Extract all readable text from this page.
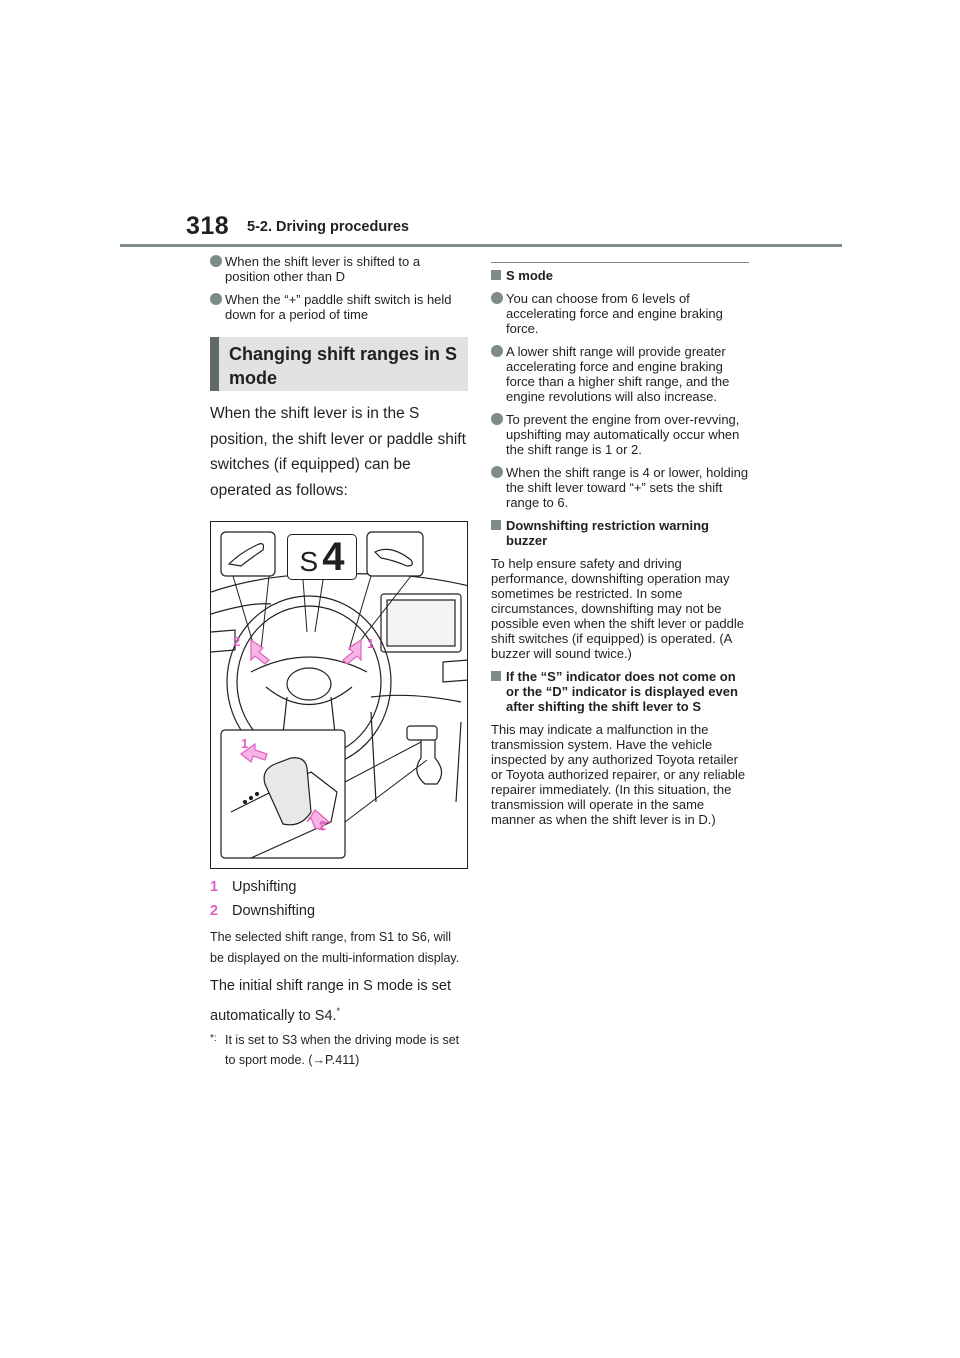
318 5-2. Driving procedures
When the shift lever is shifted to a position other than D
When the “+” paddle shift switch is held down for a period of time
Changing shift ranges in S mode
When the shift lever is in the S position, the shift lever or paddle shift switches (if equipped) can be operated as follows:
S 4
2	1
1
2
1 Upshifting
2 Downshifting
The selected shift range, from S1 to S6, will be displayed on the multi-information display.
The initial shift range in S mode is set automatically to S4.*
*: It is set to S3 when the driving mode is set to sport mode. (→P.411)
S mode
You can choose from 6 levels of accelerating force and engine braking force.
A lower shift range will provide greater accelerating force and engine braking force than a higher shift range, and the engine revolutions will also increase.
To prevent the engine from over-revving, upshifting may automatically occur when the shift range is 1 or 2.
When the shift range is 4 or lower, holding the shift lever toward “+” sets the shift range to 6.
Downshifting restriction warning buzzer
To help ensure safety and driving performance, downshifting operation may sometimes be restricted. In some circumstances, downshifting may not be possible even when the shift lever or paddle shift switches (if equipped) is operated. (A buzzer will sound twice.)
If the “S” indicator does not come on or the “D” indicator is displayed even after shifting the shift lever to S
This may indicate a malfunction in the transmission system. Have the vehicle inspected by any authorized Toyota retailer or Toyota authorized repairer, or any reliable repairer immediately. (In this situation, the transmission will operate in the same manner as when the shift lever is in D.)
